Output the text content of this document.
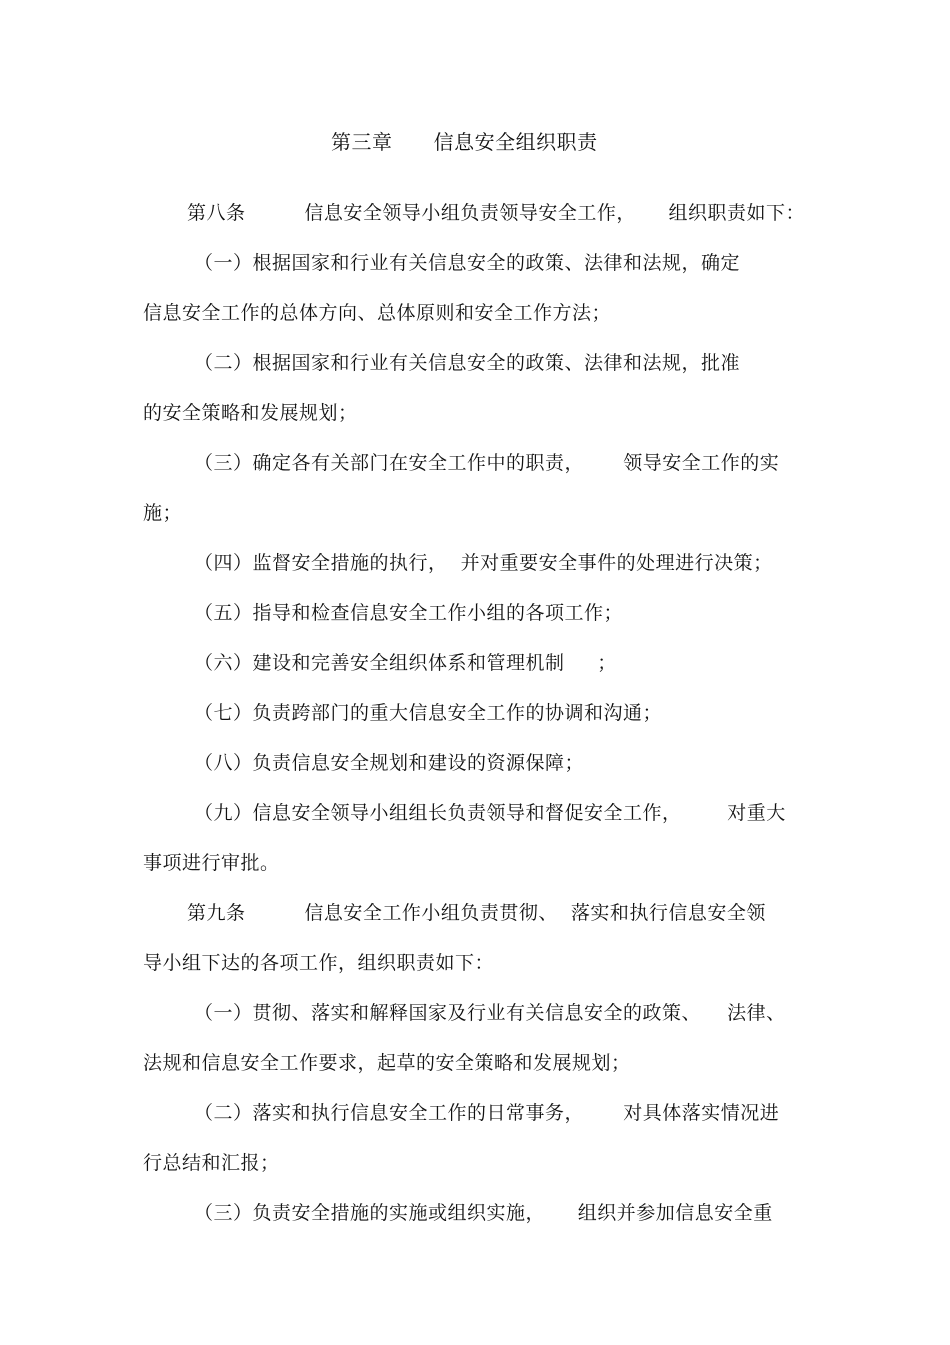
第三章      信息安全组织职责
第八条         信息安全领导小组负责领导安全工作，     组织职责如下：
（一）根据国家和行业有关信息安全的政策、法律和法规，确定
信息安全工作的总体方向、总体原则和安全工作方法；
（二）根据国家和行业有关信息安全的政策、法律和法规，批准
的安全策略和发展规划；
（三）确定各有关部门在安全工作中的职责，      领导安全工作的实
施；
（四）监督安全措施的执行，  并对重要安全事件的处理进行决策；
（五）指导和检查信息安全工作小组的各项工作；
（六）建设和完善安全组织体系和管理机制     ；
（七）负责跨部门的重大信息安全工作的协调和沟通；
（八）负责信息安全规划和建设的资源保障；
（九）信息安全领导小组组长负责领导和督促安全工作，       对重大
事项进行审批。
第九条         信息安全工作小组负责贯彻、  落实和执行信息安全领
导小组下达的各项工作，组织职责如下：
（一）贯彻、落实和解释国家及行业有关信息安全的政策、    法律、
法规和信息安全工作要求，起草的安全策略和发展规划；
（二）落实和执行信息安全工作的日常事务，      对具体落实情况进
行总结和汇报；
（三）负责安全措施的实施或组织实施，     组织并参加信息安全重
